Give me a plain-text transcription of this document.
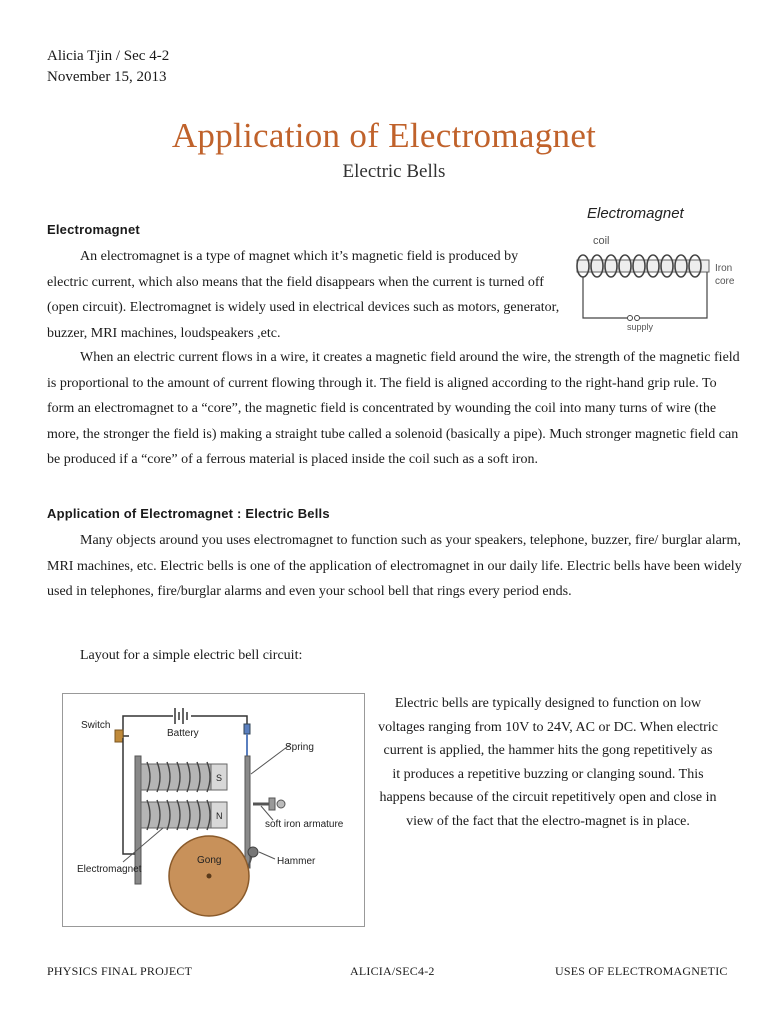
Alicia Tjin / Sec 4-2
November 15, 2013
Application of Electromagnet
Electric Bells
Electromagnet

An electromagnet is a type of magnet which it’s magnetic field is produced by electric current, which also means that the field disappears when the current is turned off (open circuit). Electromagnet is widely used in electrical devices such as motors, generator, buzzer, MRI machines, loudspeakers ,etc.

When an electric current flows in a wire, it creates a magnetic field around the wire, the strength of the magnetic field is proportional to the amount of current flowing through it. The field is aligned according to the right-hand grip rule. To form an electromagnet to a “core”, the magnetic field is concentrated by wounding the coil into many turns of wire (the more, the stronger the field is) making a straight tube called a solenoid (basically a pipe). Much stronger magnetic field can be produced if a “core” of a ferrous material is placed inside the coil such as a soft iron.

Electromagnet
coil
Iron
core
supply
Application of Electromagnet : Electric Bells

Many objects around you uses electromagnet to function such as your speakers, telephone, buzzer, fire/ burglar alarm, MRI machines, etc. Electric bells is one of the application of electromagnet in our daily life. Electric bells have been widely used in telephones, fire/burglar alarms and even your school bell that rings every period ends.

Layout for a simple electric bell circuit:
S
N
Switch
Battery
Spring
soft iron armature
Electromagnet
Gong	Hammer
Electric bells are typically designed to function on low voltages ranging from 10V to 24V, AC or DC. When electric current is applied, the hammer hits the gong repetitively as it produces a repetitive buzzing or clanging sound. This happens because of the circuit repetitively open and close in view of the fact that the electro-magnet is in place.
PHYSICS FINAL PROJECT	ALICIA/SEC4-2	USES OF ELECTROMAGNETIC
